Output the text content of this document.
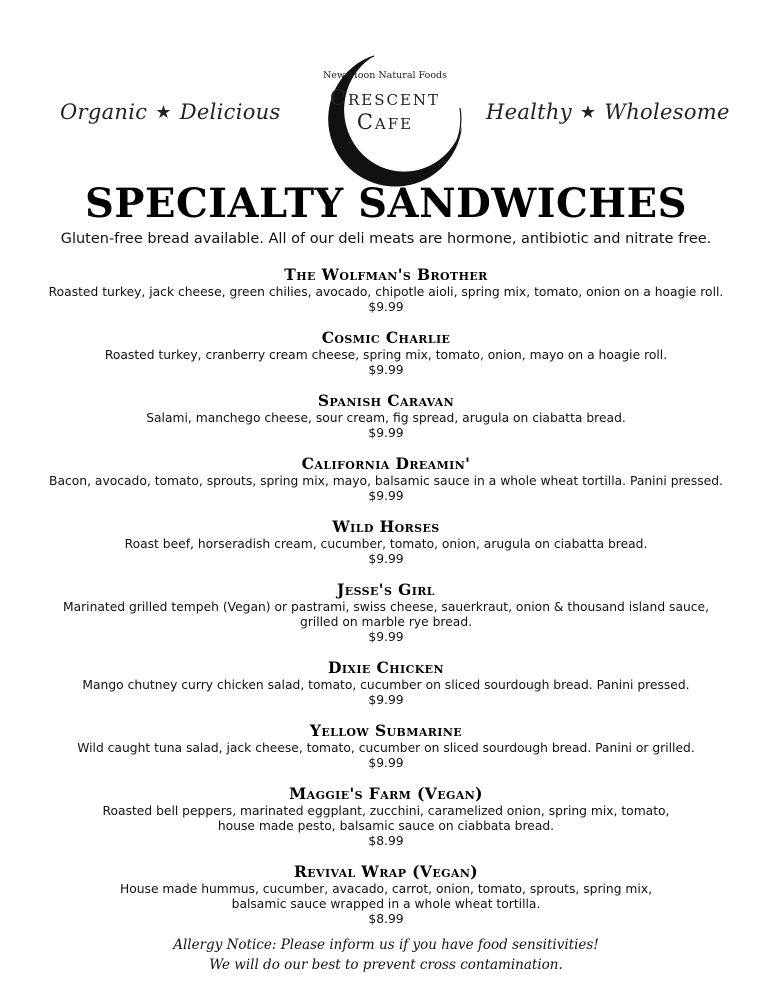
Organic ★ Delicious
New Moon Natural Foods
Crescent
Cafe	Healthy ★ Wholesome
SPECIALTY SANDWICHES
Gluten-free bread available. All of our deli meats are hormone, antibiotic and nitrate free.
The Wolfman's Brother
Roasted turkey, jack cheese, green chilies, avocado, chipotle aioli, spring mix, tomato, onion on a hoagie roll.
$9.99
Cosmic Charlie
Roasted turkey, cranberry cream cheese, spring mix, tomato, onion, mayo on a hoagie roll.
$9.99
Spanish Caravan
Salami, manchego cheese, sour cream, fig spread, arugula on ciabatta bread.
$9.99
California Dreamin'
Bacon, avocado, tomato, sprouts, spring mix, mayo, balsamic sauce in a whole wheat tortilla. Panini pressed.
$9.99
Wild Horses
Roast beef, horseradish cream, cucumber, tomato, onion, arugula on ciabatta bread.
$9.99
Jesse's Girl
Marinated grilled tempeh (Vegan) or pastrami, swiss cheese, sauerkraut, onion & thousand island sauce,
grilled on marble rye bread.
$9.99
Dixie Chicken
Mango chutney curry chicken salad, tomato, cucumber on sliced sourdough bread. Panini pressed.
$9.99
Yellow Submarine
Wild caught tuna salad, jack cheese, tomato, cucumber on sliced sourdough bread. Panini or grilled.
$9.99
Maggie's Farm (Vegan)
Roasted bell peppers, marinated eggplant, zucchini, caramelized onion, spring mix, tomato,
house made pesto, balsamic sauce on ciabbata bread.
$8.99
Revival Wrap (Vegan)
House made hummus, cucumber, avacado, carrot, onion, tomato, sprouts, spring mix,
balsamic sauce wrapped in a whole wheat tortilla.
$8.99
Allergy Notice: Please inform us if you have food sensitivities!
We will do our best to prevent cross contamination.
